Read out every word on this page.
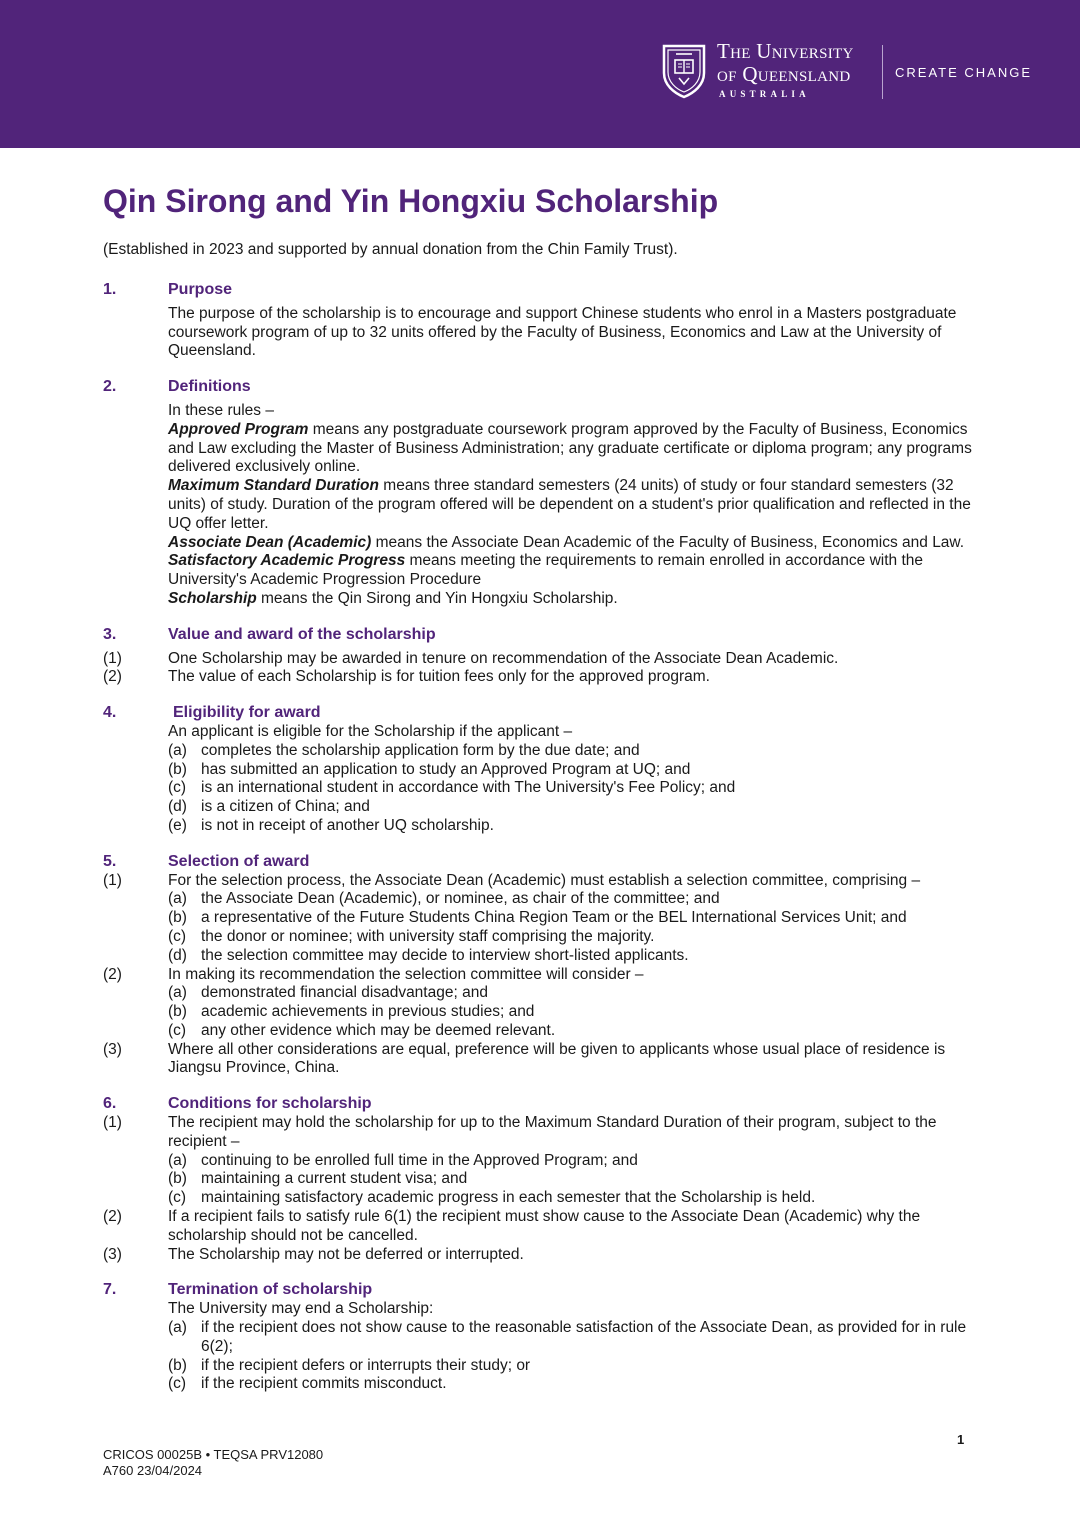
The University
of Queensland
AUSTRALIA
CREATE CHANGE
Qin Sirong and Yin Hongxiu Scholarship
(Established in 2023 and supported by annual donation from the Chin Family Trust).
1.	Purpose
The purpose of the scholarship is to encourage and support Chinese students who enrol in a Masters postgraduate coursework program of up to 32 units offered by the Faculty of Business, Economics and Law at the University of Queensland.
2.	Definitions
In these rules –
Approved Program means any postgraduate coursework program approved by the Faculty of Business, Economics and Law excluding the Master of Business Administration; any graduate certificate or diploma program; any programs delivered exclusively online.
Maximum Standard Duration means three standard semesters (24 units) of study or four standard semesters (32 units) of study. Duration of the program offered will be dependent on a student's prior qualification and reflected in the UQ offer letter.
Associate Dean (Academic) means the Associate Dean Academic of the Faculty of Business, Economics and Law.
Satisfactory Academic Progress means meeting the requirements to remain enrolled in accordance with the University's Academic Progression Procedure
Scholarship means the Qin Sirong and Yin Hongxiu Scholarship.
3.	Value and award of the scholarship
(1)	One Scholarship may be awarded in tenure on recommendation of the Associate Dean Academic.
(2)	The value of each Scholarship is for tuition fees only for the approved program.
4.	Eligibility for award
An applicant is eligible for the Scholarship if the applicant –
(a) completes the scholarship application form by the due date; and
(b) has submitted an application to study an Approved Program at UQ; and
(c) is an international student in accordance with The University's Fee Policy; and
(d) is a citizen of China; and
(e) is not in receipt of another UQ scholarship.
5.	Selection of award
(1)	For the selection process, the Associate Dean (Academic) must establish a selection committee, comprising –
(a) the Associate Dean (Academic), or nominee, as chair of the committee; and
(b) a representative of the Future Students China Region Team or the BEL International Services Unit; and
(c) the donor or nominee; with university staff comprising the majority.
(d) the selection committee may decide to interview short-listed applicants.
(2)	In making its recommendation the selection committee will consider –
(a) demonstrated financial disadvantage; and
(b) academic achievements in previous studies; and
(c) any other evidence which may be deemed relevant.
(3)	Where all other considerations are equal, preference will be given to applicants whose usual place of residence is Jiangsu Province, China.
6.	Conditions for scholarship
(1)	The recipient may hold the scholarship for up to the Maximum Standard Duration of their program, subject to the recipient –
(a) continuing to be enrolled full time in the Approved Program; and
(b) maintaining a current student visa; and
(c) maintaining satisfactory academic progress in each semester that the Scholarship is held.
(2)	If a recipient fails to satisfy rule 6(1) the recipient must show cause to the Associate Dean (Academic) why the scholarship should not be cancelled.
(3)	The Scholarship may not be deferred or interrupted.
7.	Termination of scholarship
The University may end a Scholarship:
(a) if the recipient does not show cause to the reasonable satisfaction of the Associate Dean, as provided for in rule 6(2);
(b) if the recipient defers or interrupts their study; or
(c) if the recipient commits misconduct.
CRICOS 00025B • TEQSA PRV12080
A760 23/04/2024
1
